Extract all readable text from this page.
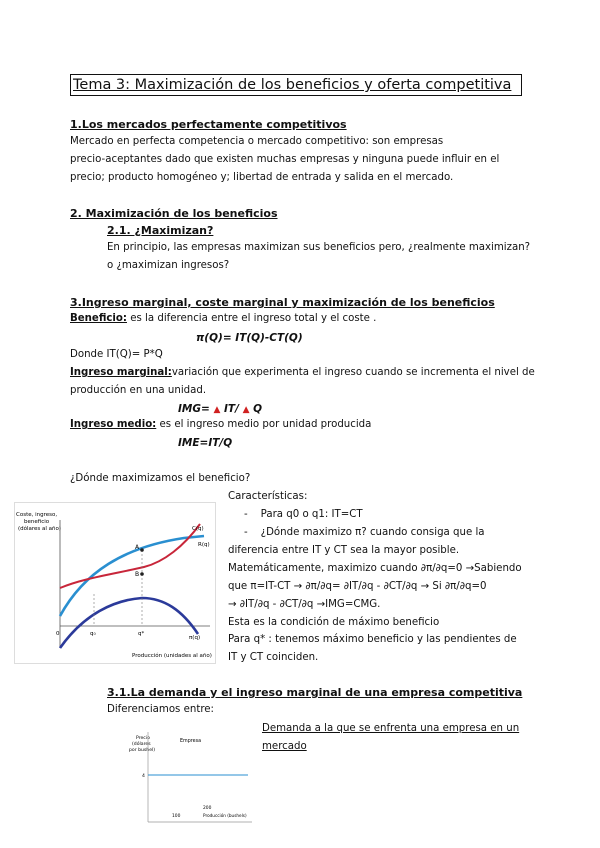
Tema 3: Maximización de los beneficios y oferta competitiva
1.Los mercados perfectamente competitivos
Mercado en perfecta competencia o mercado competitivo: son empresas
precio-aceptantes dado que existen muchas empresas y ninguna puede influir en el
precio; producto homogéneo y; libertad de entrada y salida en el mercado.
2. Maximización de los beneficios
2.1. ¿Maximizan?
En principio, las empresas maximizan sus beneficios pero, ¿realmente maximizan?
o ¿maximizan ingresos?
3.Ingreso marginal, coste marginal y maximización de los beneficios
Beneficio: es la diferencia entre el ingreso total y el coste .
π(Q)= IT(Q)-CT(Q)
Donde IT(Q)= P*Q
Ingreso marginal:variación que experimenta el ingreso cuando se incrementa el nivel de
producción en una unidad.
IMG= ▲ IT/ ▲ Q
Ingreso medio: es el ingreso medio por unidad producida
IME=IT/Q
¿Dónde maximizamos el beneficio?
Características:
- Para q0 o q1: IT=CT
- ¿Dónde maximizo π? cuando consiga que la
diferencia entre IT y CT sea la mayor posible.
Matemáticamente, maximizo cuando ∂π/∂q=0 →Sabiendo
que π=IT-CT → ∂π/∂q= ∂IT/∂q - ∂CT/∂q → Si ∂π/∂q=0
→ ∂IT/∂q - ∂CT/∂q →IMG=CMG.
Esta es la condición de máximo beneficio
Para q* : tenemos máximo beneficio y las pendientes de
IT y CT coinciden.
Coste, ingreso,
beneficio
(dólares al año)
A
B
C(q)
R(q)
π(q)
0	q₀	q*
Producción (unidades al año)
3.1.La demanda y el ingreso marginal de una empresa competitiva
Diferenciamos entre:
Demanda a la que se enfrenta una empresa en un
mercado
Precio
(dólares
por bushel)
Empresa
4
100
200
Producción (bushels)
